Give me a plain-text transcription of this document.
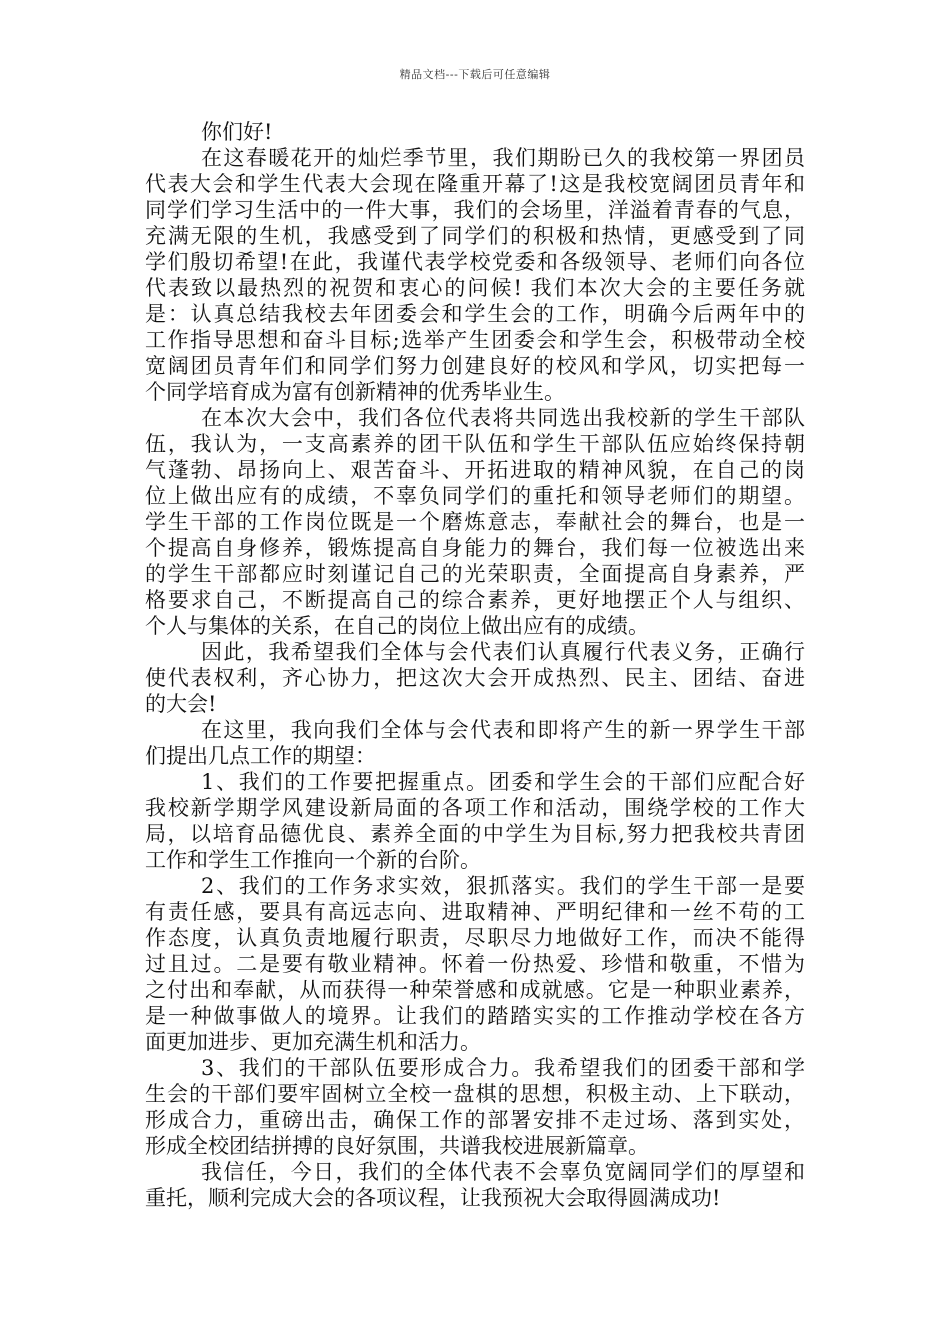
精品文档---下载后可任意编辑
你们好!
在这春暖花开的灿烂季节里，我们期盼已久的我校第一界团员
代表大会和学生代表大会现在隆重开幕了!这是我校宽阔团员青年和
同学们学习生活中的一件大事，我们的会场里，洋溢着青春的气息，
充满无限的生机，我感受到了同学们的积极和热情，更感受到了同
学们殷切希望!在此，我谨代表学校党委和各级领导、老师们向各位
代表致以最热烈的祝贺和衷心的问候! 我们本次大会的主要任务就
是：认真总结我校去年团委会和学生会的工作，明确今后两年中的
工作指导思想和奋斗目标;选举产生团委会和学生会，积极带动全校
宽阔团员青年们和同学们努力创建良好的校风和学风，切实把每一
个同学培育成为富有创新精神的优秀毕业生。
在本次大会中，我们各位代表将共同选出我校新的学生干部队
伍，我认为，一支高素养的团干队伍和学生干部队伍应始终保持朝
气蓬勃、昂扬向上、艰苦奋斗、开拓进取的精神风貌，在自己的岗
位上做出应有的成绩，不辜负同学们的重托和领导老师们的期望。
学生干部的工作岗位既是一个磨炼意志，奉献社会的舞台，也是一
个提高自身修养，锻炼提高自身能力的舞台，我们每一位被选出来
的学生干部都应时刻谨记自己的光荣职责，全面提高自身素养，严
格要求自己，不断提高自己的综合素养，更好地摆正个人与组织、
个人与集体的关系，在自己的岗位上做出应有的成绩。
因此，我希望我们全体与会代表们认真履行代表义务，正确行
使代表权利，齐心协力，把这次大会开成热烈、民主、团结、奋进
的大会!
在这里，我向我们全体与会代表和即将产生的新一界学生干部
们提出几点工作的期望：
1、我们的工作要把握重点。团委和学生会的干部们应配合好
我校新学期学风建设新局面的各项工作和活动，围绕学校的工作大
局，以培育品德优良、素养全面的中学生为目标,努力把我校共青团
工作和学生工作推向一个新的台阶。
2、我们的工作务求实效，狠抓落实。我们的学生干部一是要
有责任感，要具有高远志向、进取精神、严明纪律和一丝不苟的工
作态度，认真负责地履行职责，尽职尽力地做好工作，而决不能得
过且过。二是要有敬业精神。怀着一份热爱、珍惜和敬重，不惜为
之付出和奉献，从而获得一种荣誉感和成就感。它是一种职业素养，
是一种做事做人的境界。让我们的踏踏实实的工作推动学校在各方
面更加进步、更加充满生机和活力。
3、我们的干部队伍要形成合力。我希望我们的团委干部和学
生会的干部们要牢固树立全校一盘棋的思想，积极主动、上下联动，
形成合力，重磅出击，确保工作的部署安排不走过场、落到实处，
形成全校团结拼搏的良好氛围，共谱我校进展新篇章。
我信任，今日，我们的全体代表不会辜负宽阔同学们的厚望和
重托，顺利完成大会的各项议程，让我预祝大会取得圆满成功!
